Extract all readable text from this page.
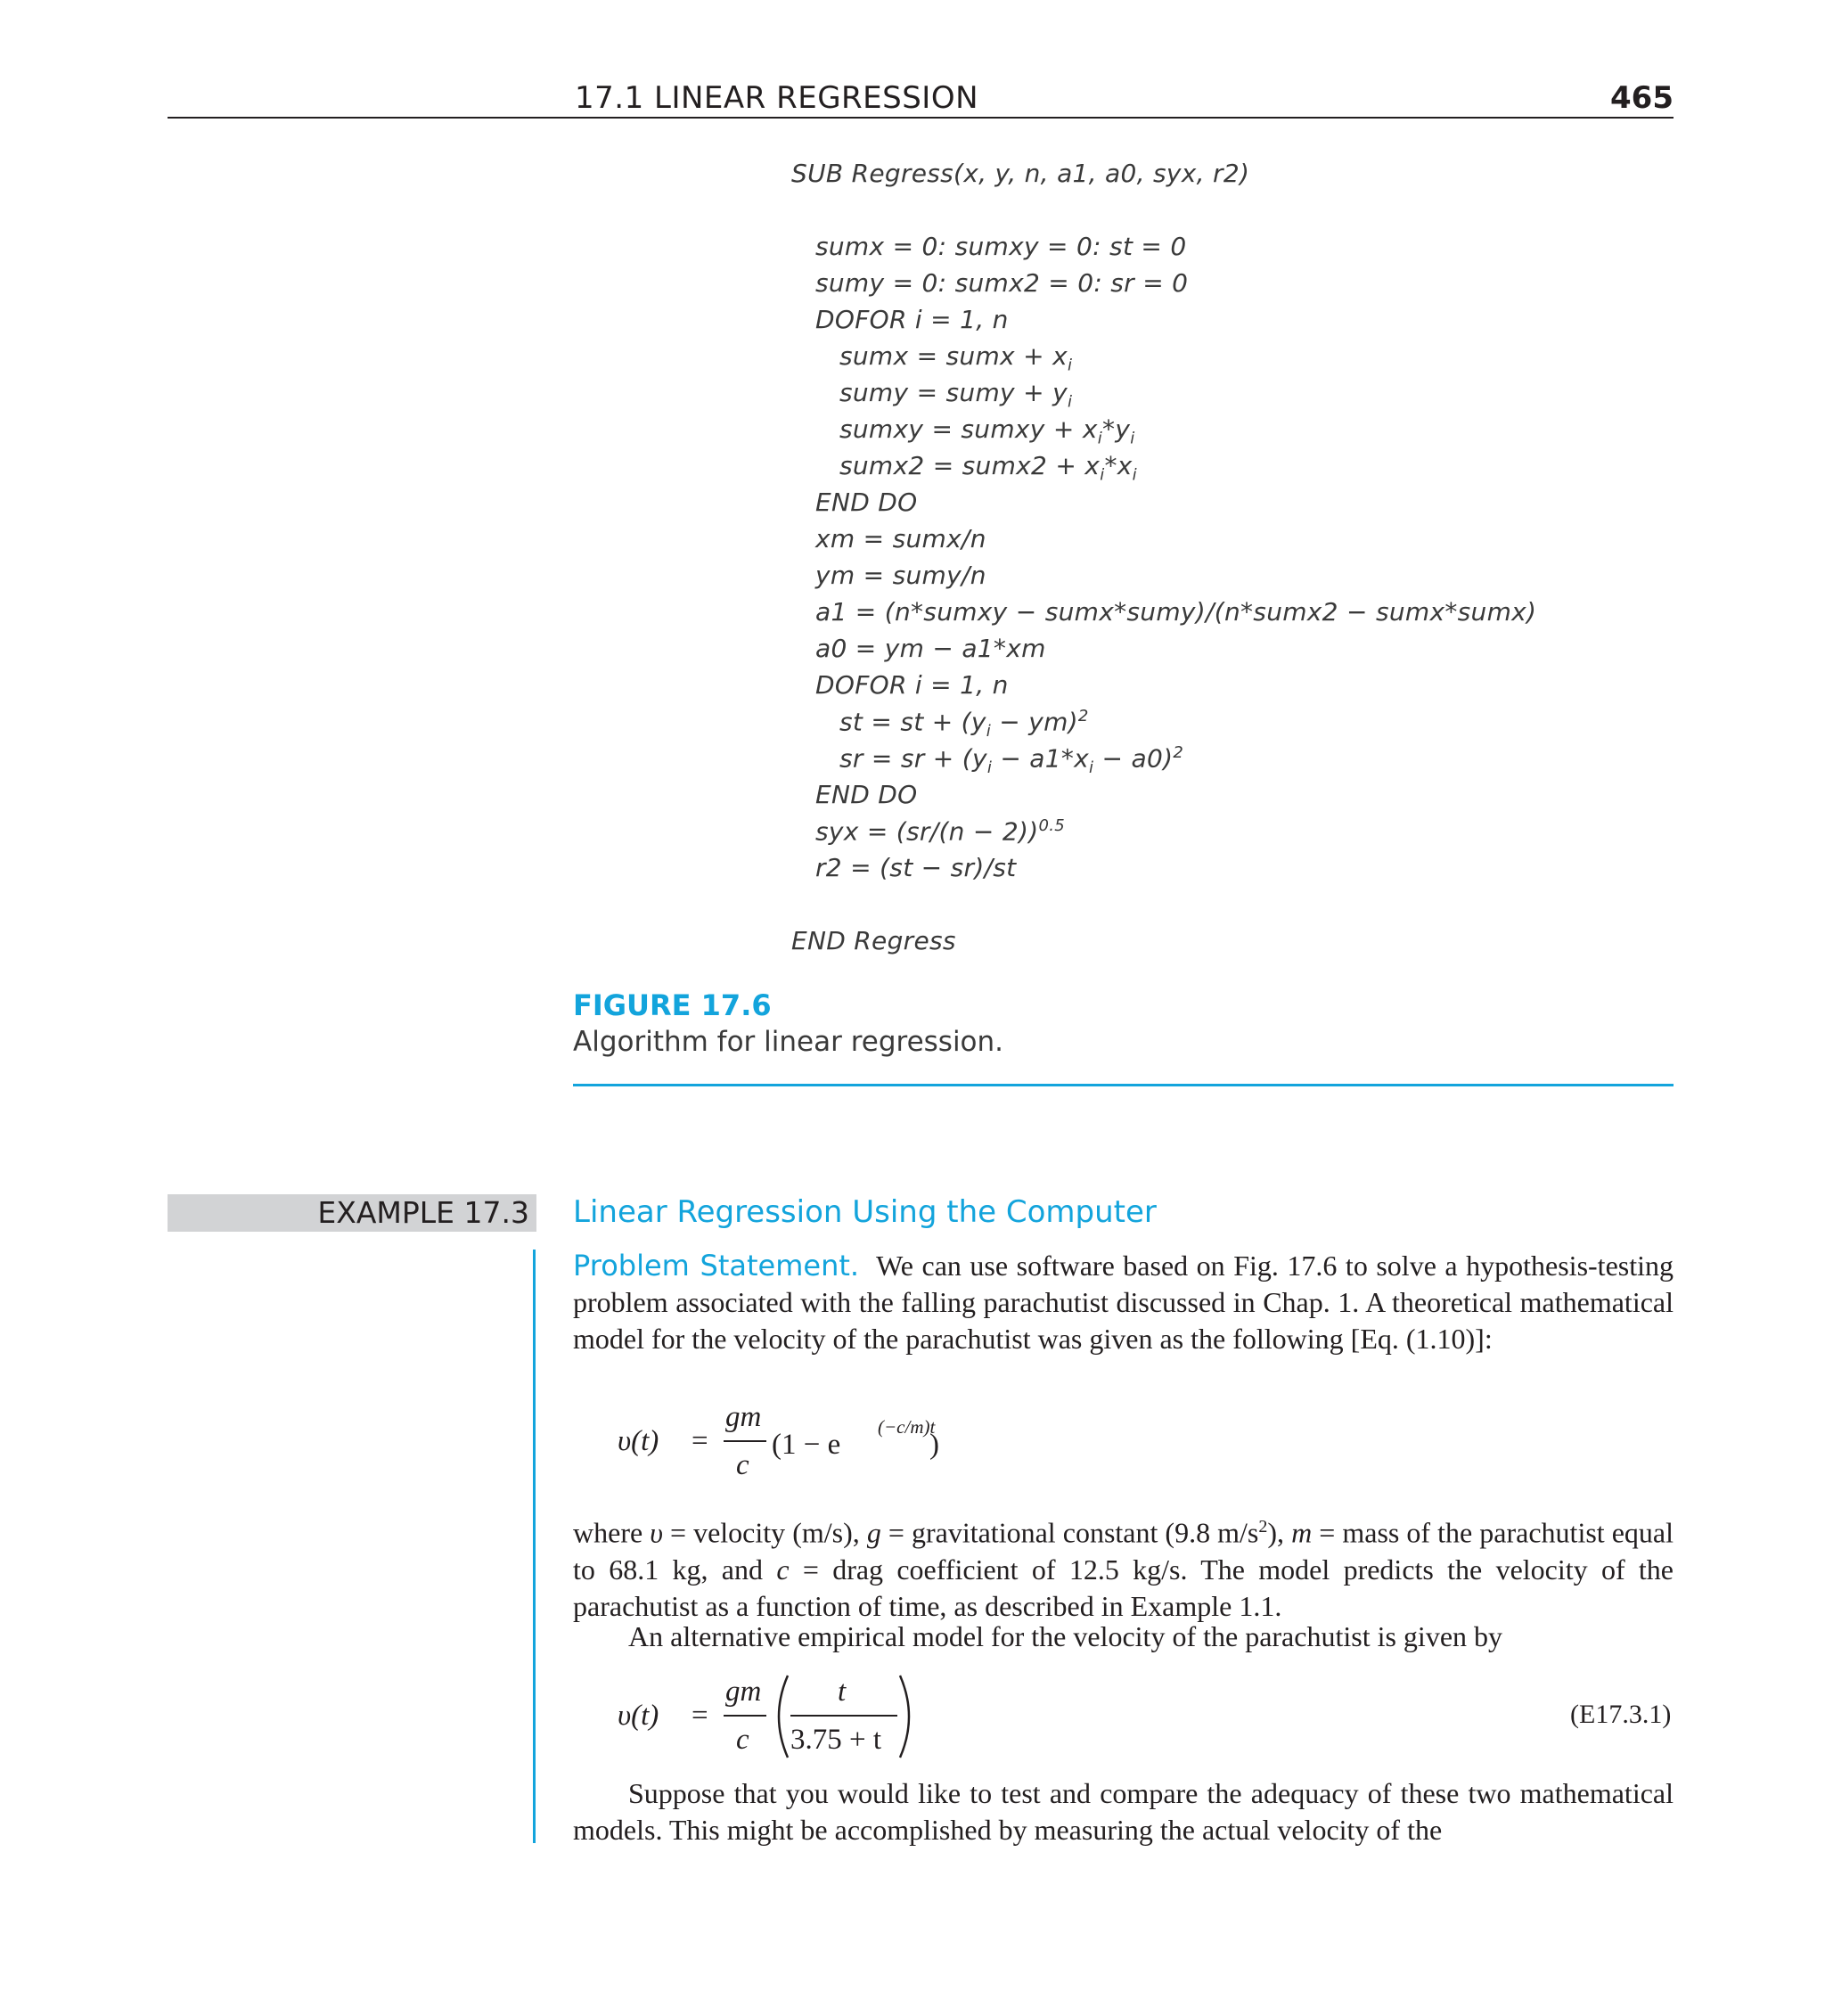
17.1 LINEAR REGRESSION	465
SUB Regress(x, y, n, a1, a0, syx, r2)
sumx = 0: sumxy = 0: st = 0
sumy = 0: sumx2 = 0: sr = 0
DOFOR i = 1, n
sumx = sumx + $x_i$
sumy = sumy + $y_i$
sumxy = sumxy + $x_i*y_i$
sumx2 = sumx2 + $x_i*x_i$
END DO
xm = sumx/n
ym = sumy/n
a1 = (n*sumxy − sumx*sumy)/(n*sumx2 − sumx*sumx)
a0 = ym − a1*xm
DOFOR i = 1, n
st = st + $(y_i - ym)^2$
sr = sr + $(y_i - a1*x_i - a0)^2$
END DO
syx = $(sr/(n - 2))^{0.5}$
r2 = (st − sr)/st
END Regress
FIGURE 17.6
Algorithm for linear regression.
EXAMPLE 17.3 Linear Regression Using the Computer
Problem Statement. We can use software based on Fig. 17.6 to solve a hypothesis-testing problem associated with the falling parachutist discussed in Chap. 1. A theoretical mathematical model for the velocity of the parachutist was given as the following [Eq. (1.10)]:
υ(t) =
gm
c
(1 − e
(−c/m)t
)
where υ = velocity (m/s), g = gravitational constant (9.8 $m/s^2$), m = mass of the parachutist equal to 68.1 kg, and c = drag coefficient of 12.5 kg/s. The model predicts the velocity of the parachutist as a function of time, as described in Example 1.1.
An alternative empirical model for the velocity of the parachutist is given by
υ(t) =
gm
c
t
3.75 + t
(E17.3.1)
Suppose that you would like to test and compare the adequacy of these two mathematical models. This might be accomplished by measuring the actual velocity of the
